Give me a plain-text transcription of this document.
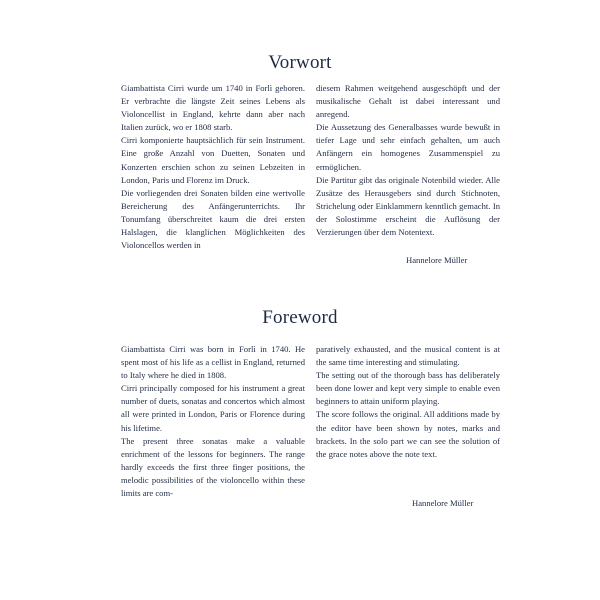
Vorwort

Giambattista Cirri wurde um 1740 in Forlì geboren. Er verbrachte die längste Zeit seines Lebens als Violoncellist in England, kehrte dann aber nach Italien zurück, wo er 1808 starb.

Cirri komponierte hauptsächlich für sein Instrument. Eine große Anzahl von Duetten, Sonaten und Konzerten erschien schon zu seinen Lebzeiten in London, Paris und Florenz im Druck.

Die vorliegenden drei Sonaten bilden eine wertvolle Bereicherung des Anfängerunterrichts. Ihr Tonumfang überschreitet kaum die drei ersten Halslagen, die klanglichen Möglichkeiten des Violoncellos werden in

diesem Rahmen weitgehend ausgeschöpft und der musikalische Gehalt ist dabei interessant und anregend.

Die Aussetzung des Generalbasses wurde bewußt in tiefer Lage und sehr einfach gehalten, um auch Anfängern ein homogenes Zusammenspiel zu ermöglichen.

Die Partitur gibt das originale Notenbild wieder. Alle Zusätze des Herausgebers sind durch Stichnoten, Strichelung oder Einklammern kenntlich gemacht. In der Solostimme erscheint die Auflösung der Verzierungen über dem Notentext.

Hannelore Müller
Foreword

Giambattista Cirri was born in Forlì in 1740. He spent most of his life as a cellist in England, returned to Italy where he died in 1808.

Cirri principally composed for his instrument a great number of duets, sonatas and concertos which almost all were printed in London, Paris or Florence during his lifetime.

The present three sonatas make a valuable enrichment of the lessons for beginners. The range hardly exceeds the first three finger positions, the melodic possibilities of the violoncello within these limits are com-

paratively exhausted, and the musical content is at the same time interesting and stimulating.

The setting out of the thorough bass has deliberately been done lower and kept very simple to enable even beginners to attain uniform playing.

The score follows the original. All additions made by the editor have been shown by notes, marks and brackets. In the solo part we can see the solution of the grace notes above the note text.

Hannelore Müller
